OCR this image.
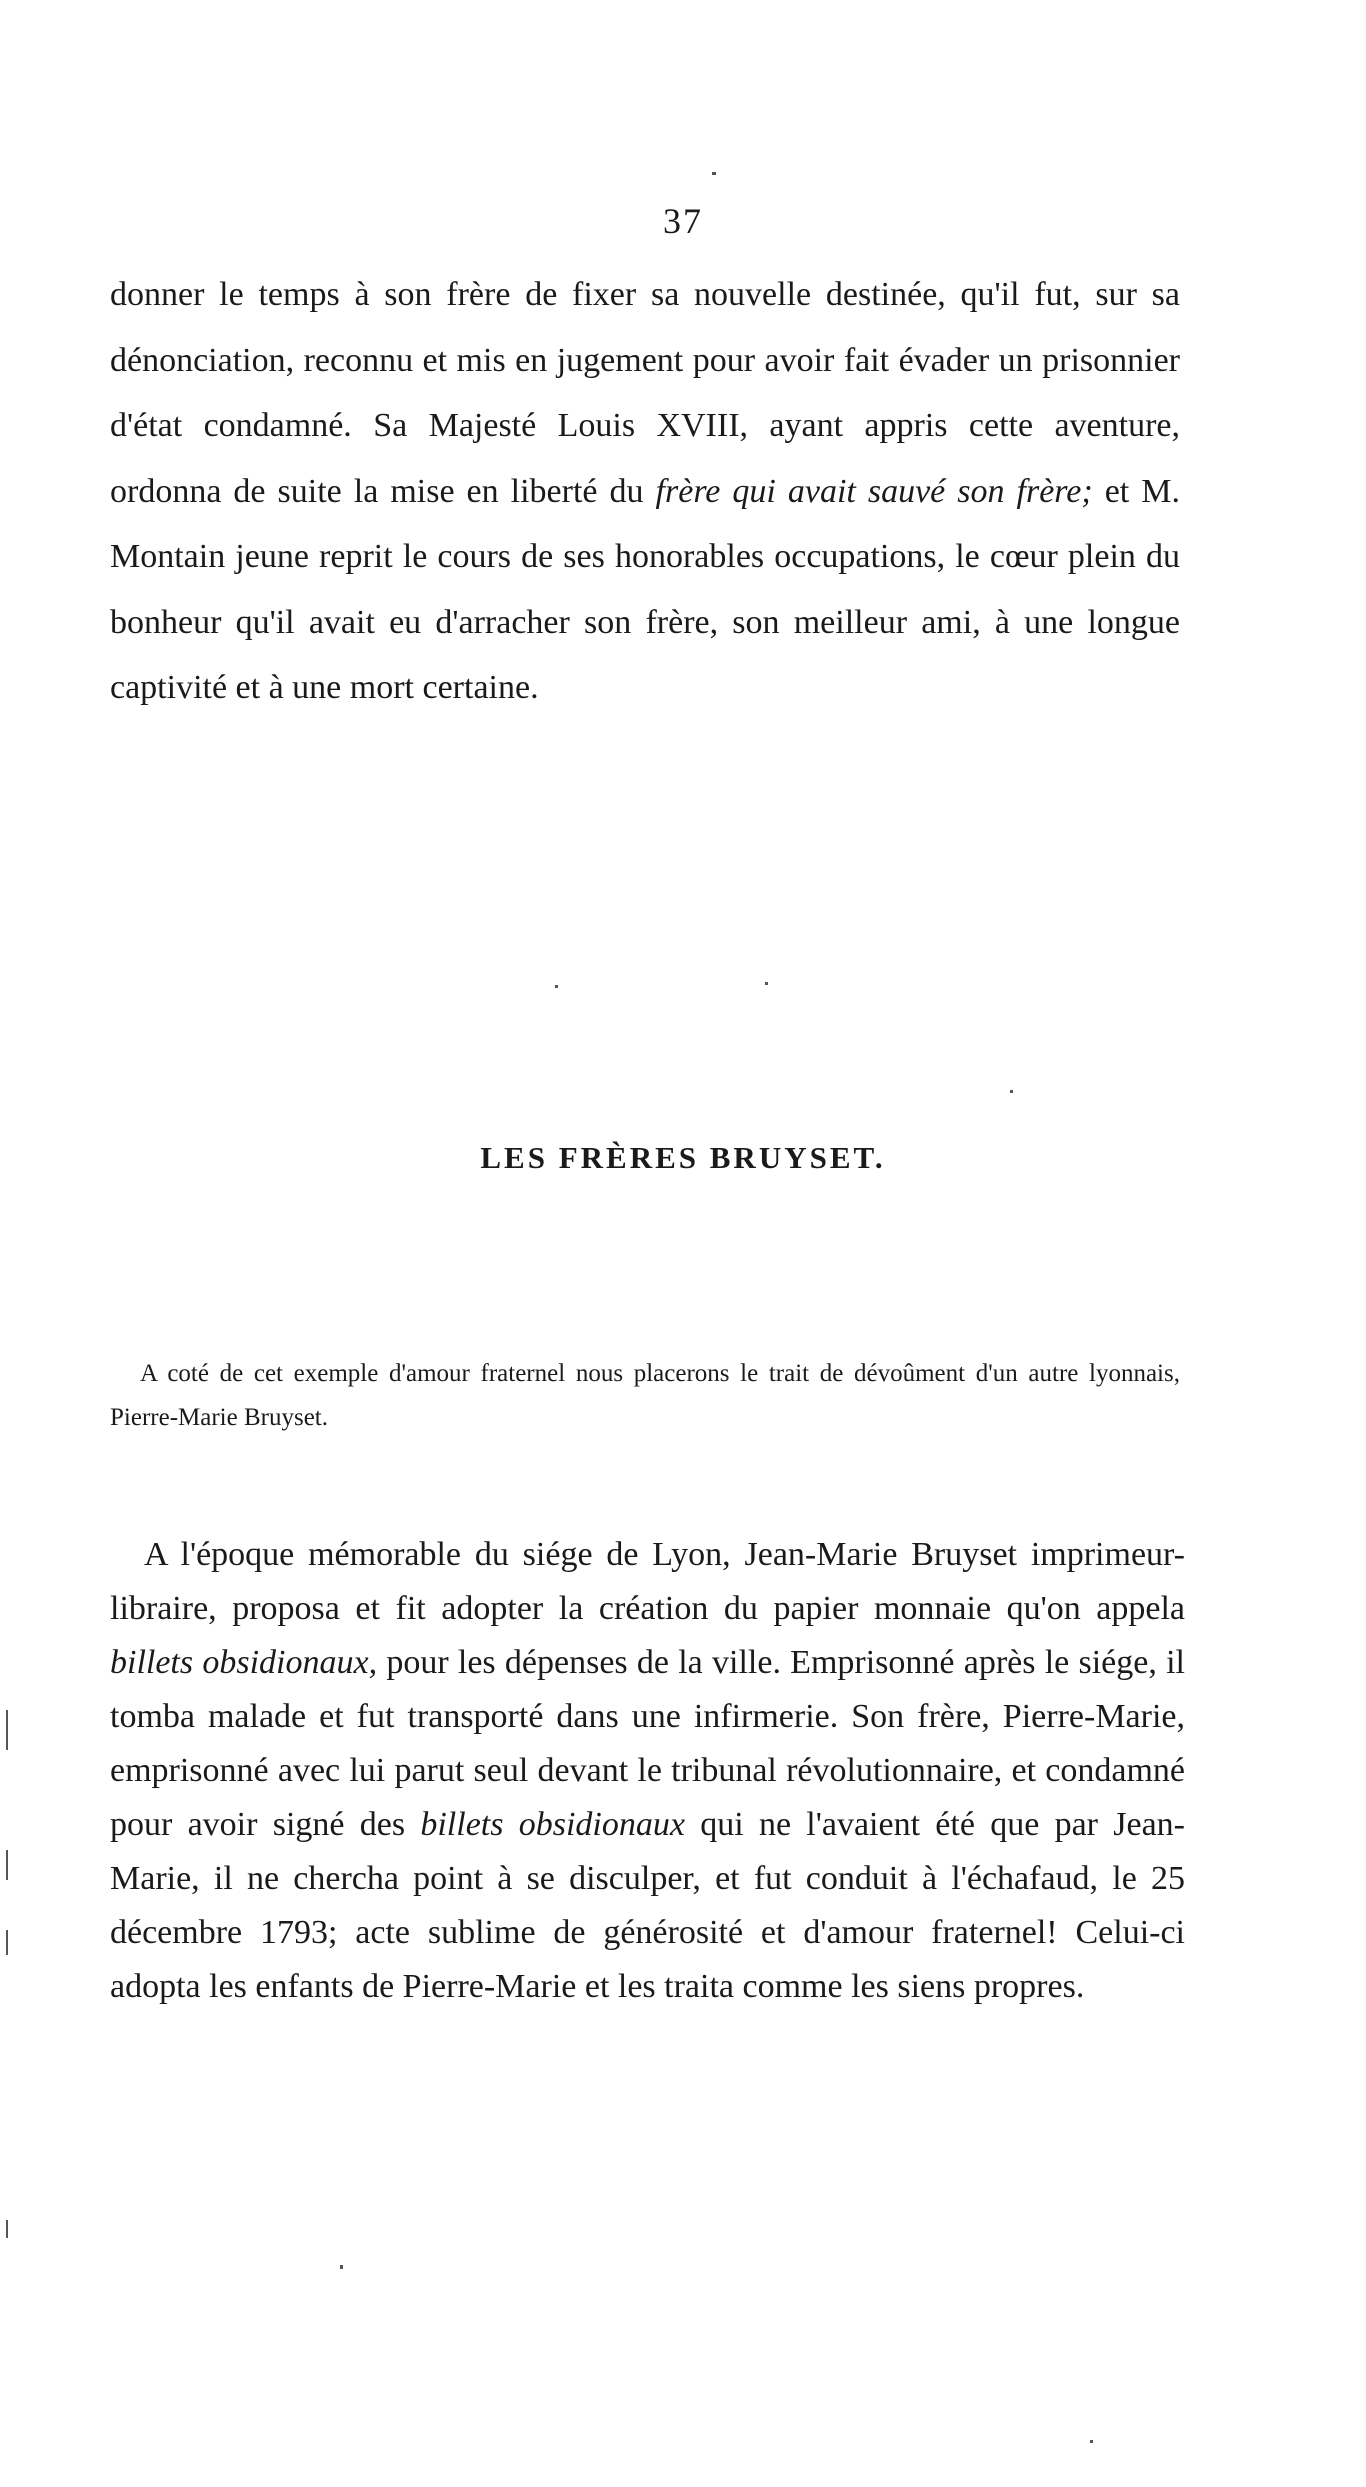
37

donner le temps à son frère de fixer sa nouvelle destinée, qu'il fut, sur sa dénonciation, reconnu et mis en jugement pour avoir fait évader un prisonnier d'état condamné. Sa Majesté Louis XVIII, ayant appris cette aventure, ordonna de suite la mise en liberté du frère qui avait sauvé son frère; et M. Montain jeune reprit le cours de ses honorables occupations, le cœur plein du bonheur qu'il avait eu d'arracher son frère, son meilleur ami, à une longue captivité et à une mort certaine.

LES FRÈRES BRUYSET.

A coté de cet exemple d'amour fraternel nous placerons le trait de dévoûment d'un autre lyonnais, Pierre-Marie Bruyset.

A l'époque mémorable du siége de Lyon, Jean-Marie Bruyset imprimeur-libraire, proposa et fit adopter la création du papier monnaie qu'on appela billets obsidionaux, pour les dépenses de la ville. Emprisonné après le siége, il tomba malade et fut transporté dans une infirmerie. Son frère, Pierre-Marie, emprisonné avec lui parut seul devant le tribunal révolutionnaire, et condamné pour avoir signé des billets obsidionaux qui ne l'avaient été que par Jean-Marie, il ne chercha point à se disculper, et fut conduit à l'échafaud, le 25 décembre 1793; acte sublime de générosité et d'amour fraternel! Celui-ci adopta les enfants de Pierre-Marie et les traita comme les siens propres.
